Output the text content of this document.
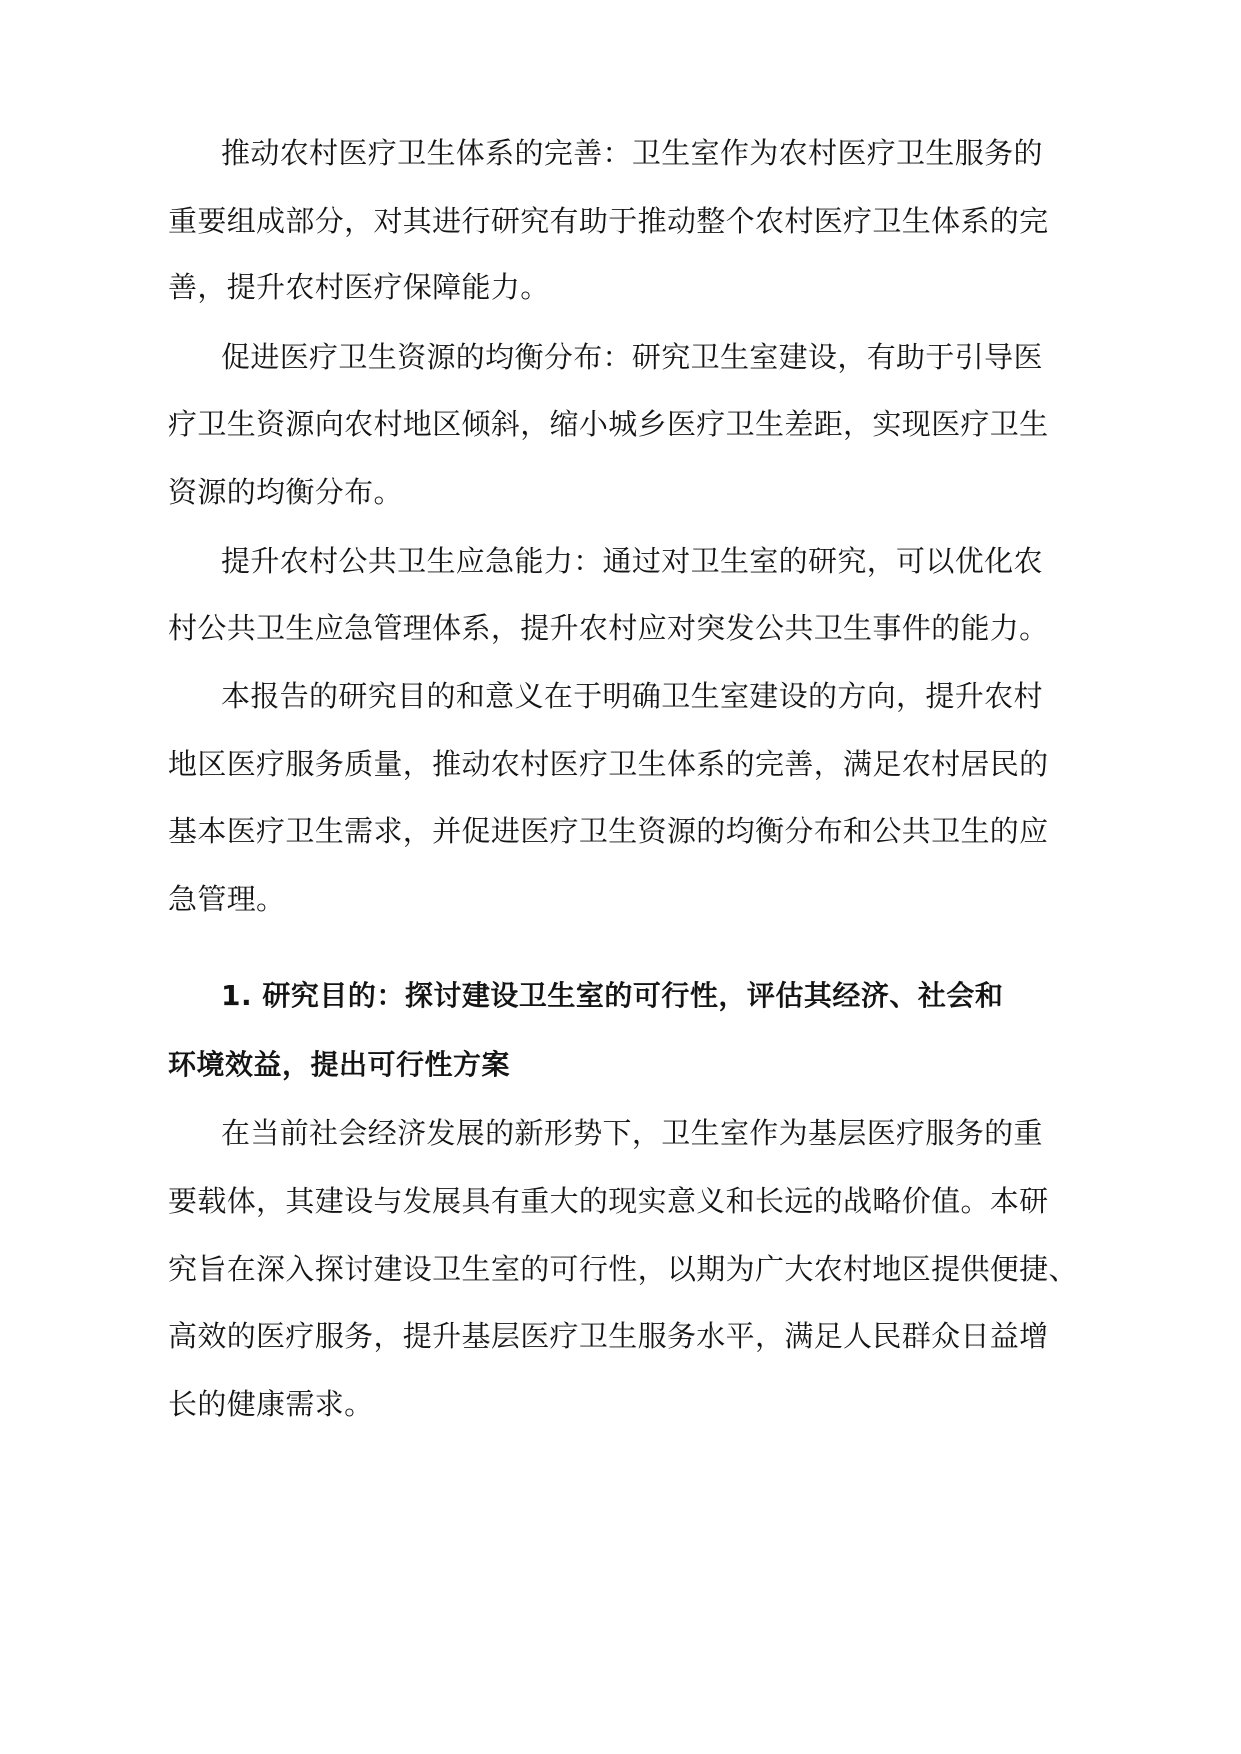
推动农村医疗卫生体系的完善：卫生室作为农村医疗卫生服务的

重要组成部分，对其进行研究有助于推动整个农村医疗卫生体系的完

善，提升农村医疗保障能力。

促进医疗卫生资源的均衡分布：研究卫生室建设，有助于引导医

疗卫生资源向农村地区倾斜，缩小城乡医疗卫生差距，实现医疗卫生

资源的均衡分布。

提升农村公共卫生应急能力：通过对卫生室的研究，可以优化农

村公共卫生应急管理体系，提升农村应对突发公共卫生事件的能力。

本报告的研究目的和意义在于明确卫生室建设的方向，提升农村

地区医疗服务质量，推动农村医疗卫生体系的完善，满足农村居民的

基本医疗卫生需求，并促进医疗卫生资源的均衡分布和公共卫生的应

急管理。

1. 研究目的：探讨建设卫生室的可行性，评估其经济、社会和

环境效益，提出可行性方案

在当前社会经济发展的新形势下，卫生室作为基层医疗服务的重

要载体，其建设与发展具有重大的现实意义和长远的战略价值。本研

究旨在深入探讨建设卫生室的可行性，以期为广大农村地区提供便捷、

高效的医疗服务，提升基层医疗卫生服务水平，满足人民群众日益增

长的健康需求。
